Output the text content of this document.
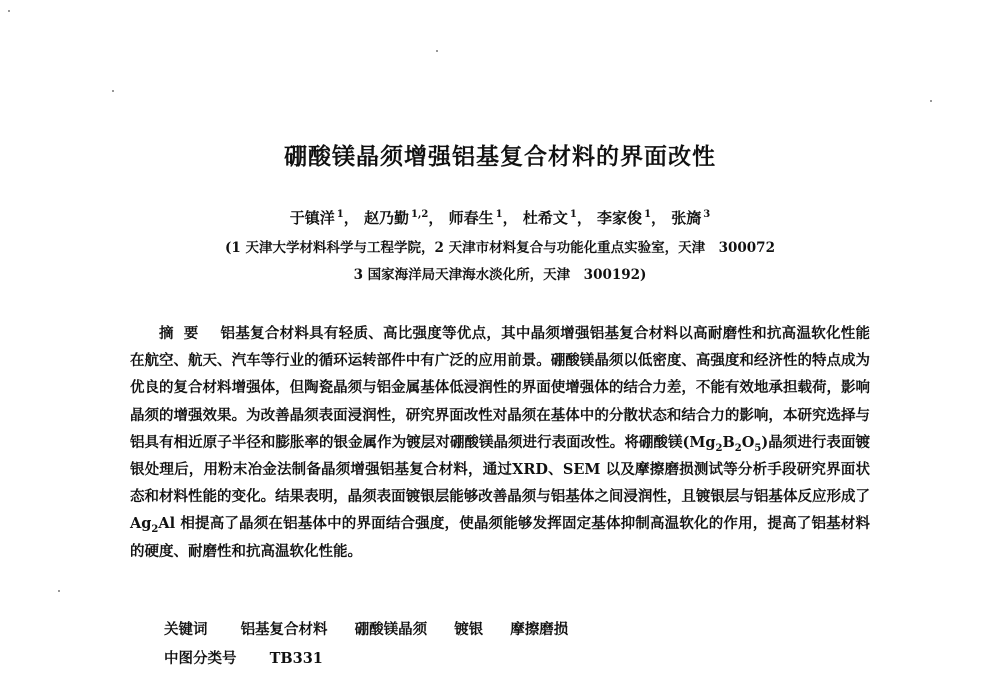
硼酸镁晶须增强铝基复合材料的界面改性
于镇洋 $^1$， 赵乃勤 $^{1,2}$， 师春生 $^1$， 杜希文 $^1$， 李家俊 $^1$， 张旖 $^3$
(1 天津大学材料科学与工程学院，2 天津市材料复合与功能化重点实验室，天津　300072
3 国家海洋局天津海水淡化所，天津　300192)
摘要 铝基复合材料具有轻质、高比强度等优点，其中晶须增强铝基复合材料以高耐磨性和抗高温软化性能在航空、航天、汽车等行业的循环运转部件中有广泛的应用前景。硼酸镁晶须以低密度、高强度和经济性的特点成为优良的复合材料增强体，但陶瓷晶须与铝金属基体低浸润性的界面使增强体的结合力差，不能有效地承担载荷，影响晶须的增强效果。为改善晶须表面浸润性，研究界面改性对晶须在基体中的分散状态和结合力的影响，本研究选择与铝具有相近原子半径和膨胀率的银金属作为镀层对硼酸镁晶须进行表面改性。将硼酸镁$(Mg_2B_2O_5)$晶须进行表面镀银处理后，用粉末冶金法制备晶须增强铝基复合材料，通过XRD、SEM 以及摩擦磨损测试等分析手段研究界面状态和材料性能的变化。结果表明，晶须表面镀银层能够改善晶须与铝基体之间浸润性，且镀银层与铝基体反应形成了 $Ag_2Al$ 相提高了晶须在铝基体中的界面结合强度，使晶须能够发挥固定基体抑制高温软化的作用，提高了铝基材料的硬度、耐磨性和抗高温软化性能。
关键词 铝基复合材料 硼酸镁晶须 镀银 摩擦磨损
中图分类号 TB331
